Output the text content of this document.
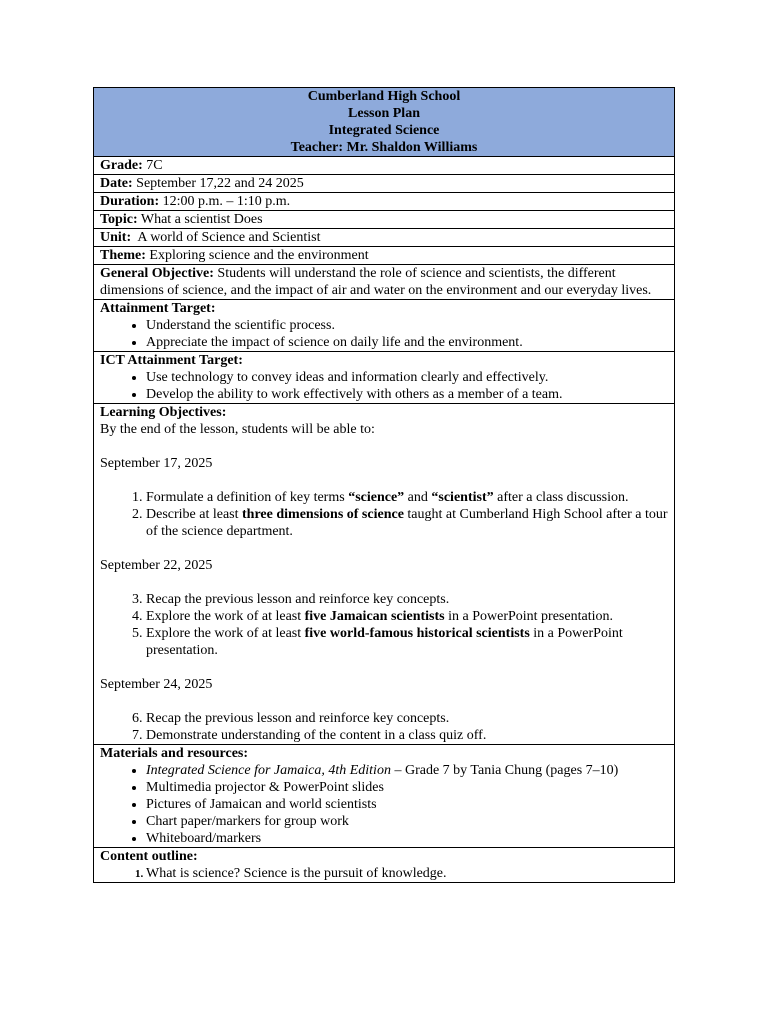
Cumberland High School
Lesson Plan
Integrated Science
Teacher: Mr. Shaldon Williams

Grade: 7C
Date: September 17,22 and 24 2025
Duration: 12:00 p.m. – 1:10 p.m.
Topic: What a scientist Does
Unit:  A world of Science and Scientist
Theme: Exploring science and the environment
General Objective: Students will understand the role of science and scientists, the different dimensions of science, and the impact of air and water on the environment and our everyday lives.
Attainment Target:
• Understand the scientific process.
• Appreciate the impact of science on daily life and the environment.

ICT Attainment Target:
• Use technology to convey ideas and information clearly and effectively.
• Develop the ability to work effectively with others as a member of a team.

Learning Objectives:
By the end of the lesson, students will be able to:
September 17, 2025
1. Formulate a definition of key terms “science” and “scientist” after a class discussion.
2. Describe at least three dimensions of science taught at Cumberland High School after a tour of the science department.
September 22, 2025
3. Recap the previous lesson and reinforce key concepts.
4. Explore the work of at least five Jamaican scientists in a PowerPoint presentation.
5. Explore the work of at least five world-famous historical scientists in a PowerPoint presentation.
September 24, 2025
6. Recap the previous lesson and reinforce key concepts.
7. Demonstrate understanding of the content in a class quiz off.

Materials and resources:
• Integrated Science for Jamaica, 4th Edition – Grade 7 by Tania Chung (pages 7–10)
• Multimedia projector & PowerPoint slides
• Pictures of Jamaican and world scientists
• Chart paper/markers for group work
• Whiteboard/markers

Content outline:
1. What is science? Science is the pursuit of knowledge.
